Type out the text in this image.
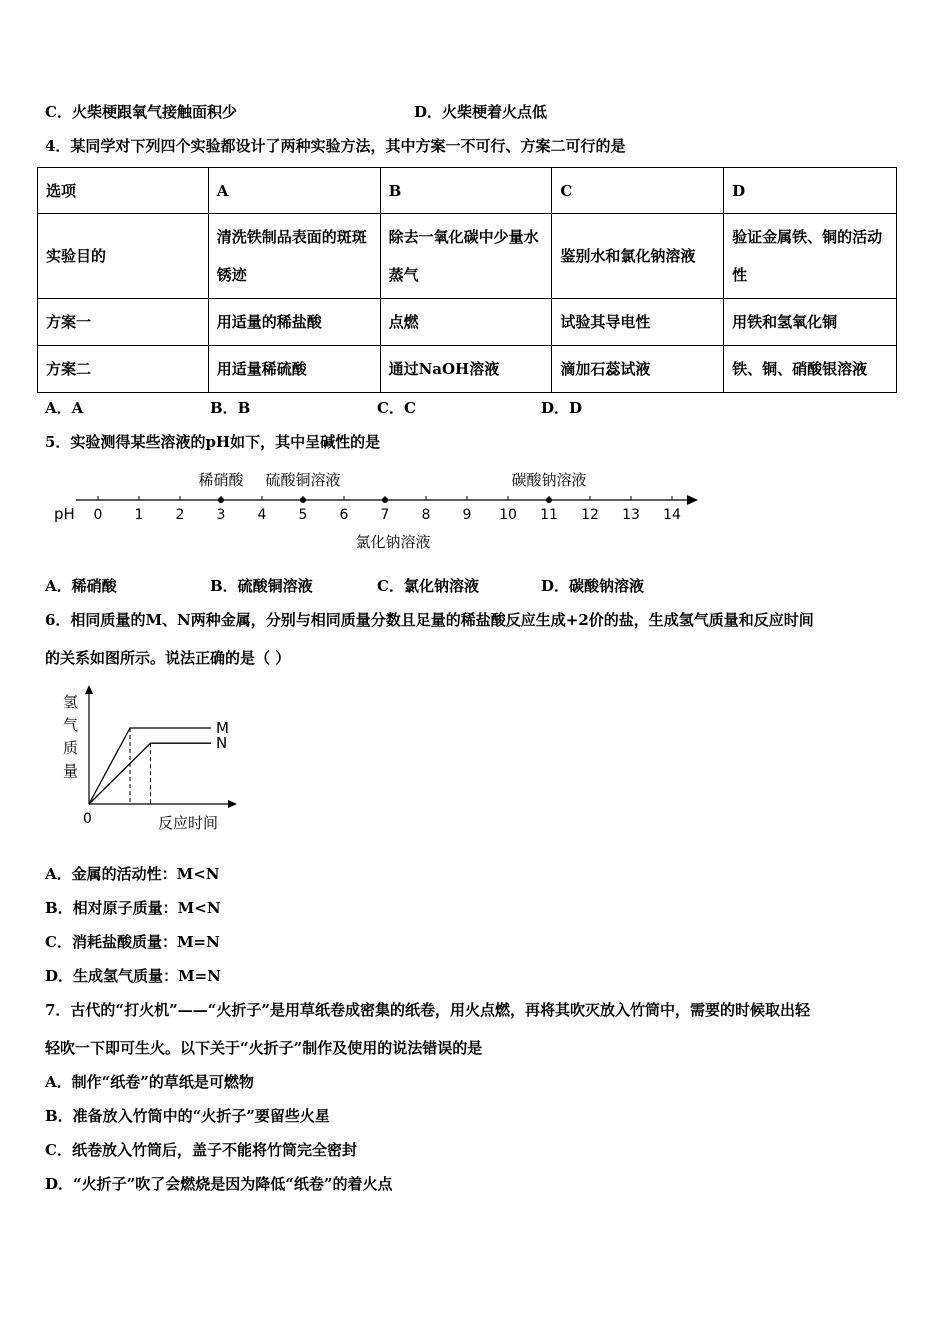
C．火柴梗跟氧气接触面积少	D．火柴梗着火点低
4．某同学对下列四个实验都设计了两种实验方法，其中方案一不可行、方案二可行的是
选项	A	B	C	D
实验目的	清洗铁制品表面的斑斑锈迹	除去一氧化碳中少量水蒸气	鉴别水和氯化钠溶液	验证金属铁、铜的活动性
方案一	用适量的稀盐酸	点燃	试验其导电性	用铁和氢氧化铜
方案二	用适量稀硫酸	通过NaOH溶液	滴加石蕊试液	铁、铜、硝酸银溶液
A．A	B．B	C．C	D．D
5．实验测得某些溶液的pH如下，其中呈碱性的是
pH 0 1 2 3 4 5 6 7 8 9 10 11 12 13 14
稀硝酸 硫酸铜溶液
氯化钠溶液
碳酸钠溶液
A．稀硝酸	B．硫酸铜溶液	C．氯化钠溶液	D．碳酸钠溶液
6．相同质量的M、N两种金属，分别与相同质量分数且足量的稀盐酸反应生成+2价的盐，生成氢气质量和反应时间
的关系如图所示。说法正确的是（ ）
氢
气
质
量
0	反应时间
M
N
A．金属的活动性：M<N
B．相对原子质量：M<N
C．消耗盐酸质量：M=N
D．生成氢气质量：M=N
7．古代的“打火机”——“火折子”是用草纸卷成密集的纸卷，用火点燃，再将其吹灭放入竹筒中，需要的时候取出轻
轻吹一下即可生火。以下关于“火折子”制作及使用的说法错误的是
A．制作“纸卷”的草纸是可燃物
B．准备放入竹筒中的“火折子”要留些火星
C．纸卷放入竹筒后，盖子不能将竹筒完全密封
D．“火折子”吹了会燃烧是因为降低“纸卷”的着火点
